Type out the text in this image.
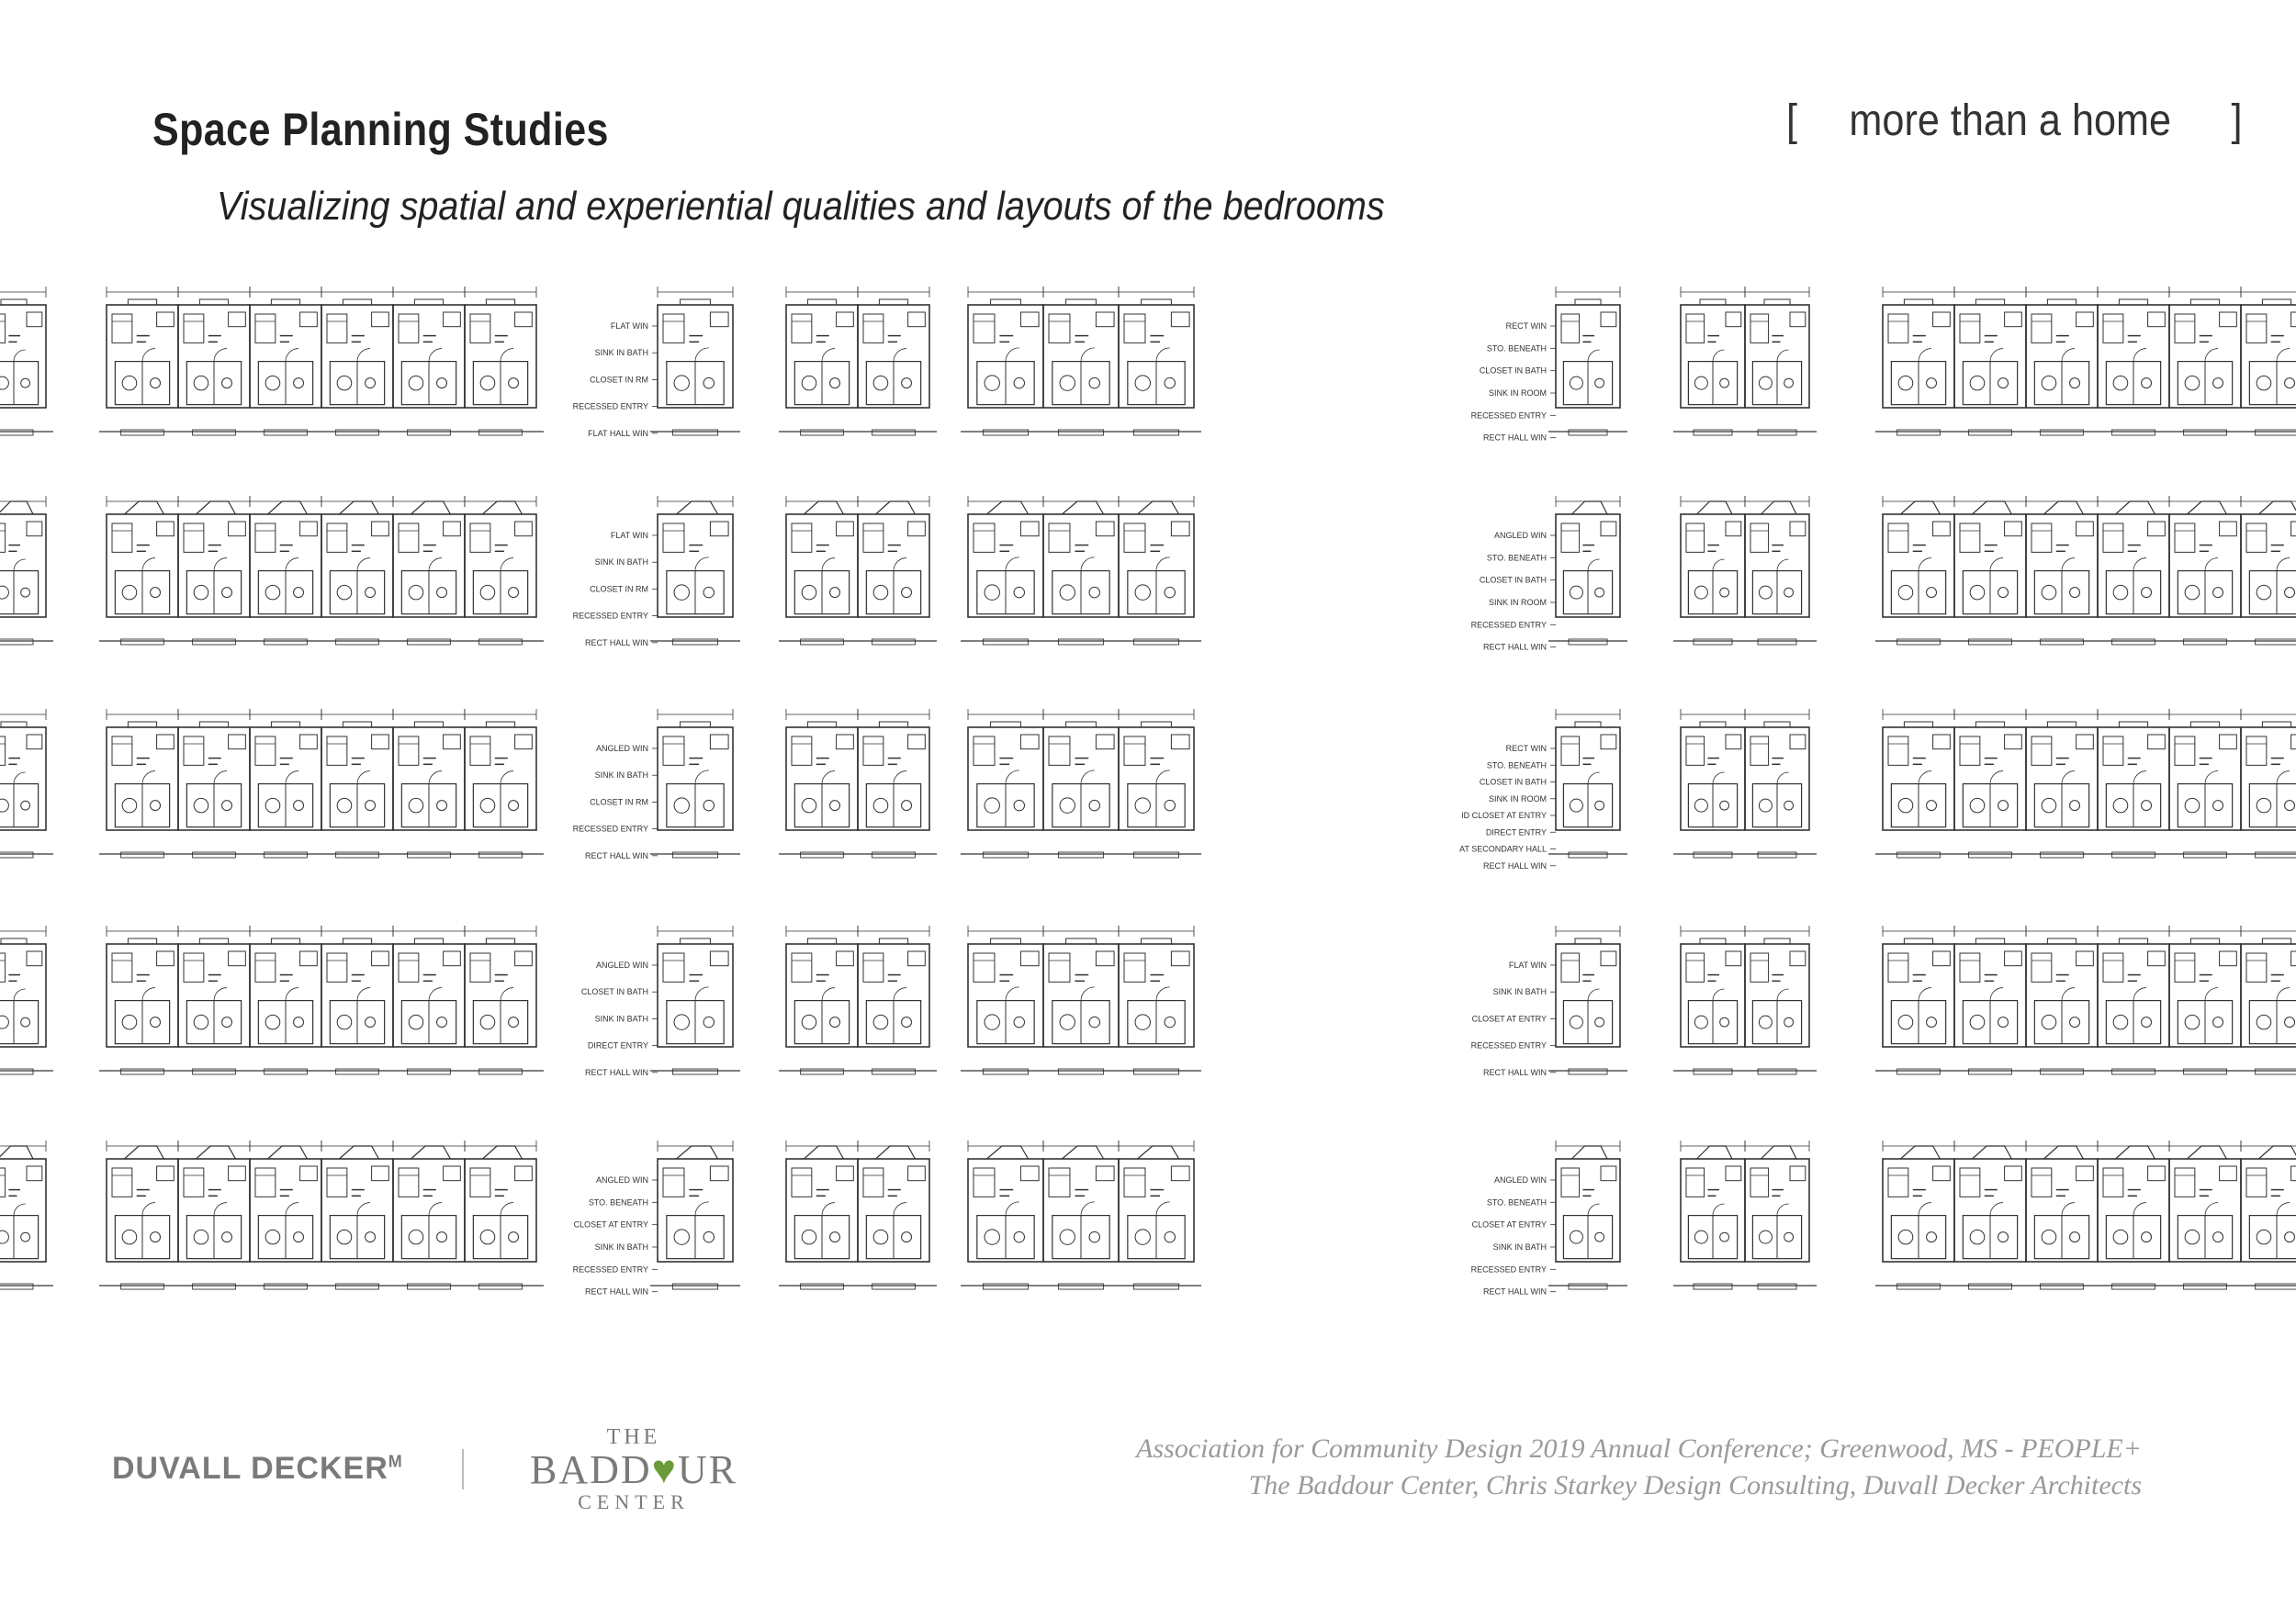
Space Planning Studies	[ more than a home ]
Visualizing spatial and experiential qualities and layouts of the bedrooms
FLAT WIN
SINK IN BATH
CLOSET IN RM
RECESSED ENTRY
FLAT HALL WIN
RECT WIN
STO. BENEATH
CLOSET IN BATH
SINK IN ROOM
RECESSED ENTRY
RECT HALL WIN
FLAT WIN
SINK IN BATH
CLOSET IN RM
RECESSED ENTRY
RECT HALL WIN
ANGLED WIN
STO. BENEATH
CLOSET IN BATH
SINK IN ROOM
RECESSED ENTRY
RECT HALL WIN
ANGLED WIN
SINK IN BATH
CLOSET IN RM
RECESSED ENTRY
RECT HALL WIN
RECT WIN
STO. BENEATH
CLOSET IN BATH
SINK IN ROOM
ID CLOSET AT ENTRY
DIRECT ENTRY
AT SECONDARY HALL
RECT HALL WIN
ANGLED WIN
CLOSET IN BATH
SINK IN BATH
DIRECT ENTRY
RECT HALL WIN
FLAT WIN
SINK IN BATH
CLOSET AT ENTRY
RECESSED ENTRY
RECT HALL WIN
ANGLED WIN
STO. BENEATH
CLOSET AT ENTRY
SINK IN BATH
RECESSED ENTRY
RECT HALL WIN
ANGLED WIN
STO. BENEATH
CLOSET AT ENTRY
SINK IN BATH
RECESSED ENTRY
RECT HALL WIN
DUVALL $DECKER^M$
THE
BADD♥UR
CENTER
Association for Community Design 2019 Annual Conference; Greenwood, MS - PEOPLE+
The Baddour Center, Chris Starkey Design Consulting, Duvall Decker Architects
